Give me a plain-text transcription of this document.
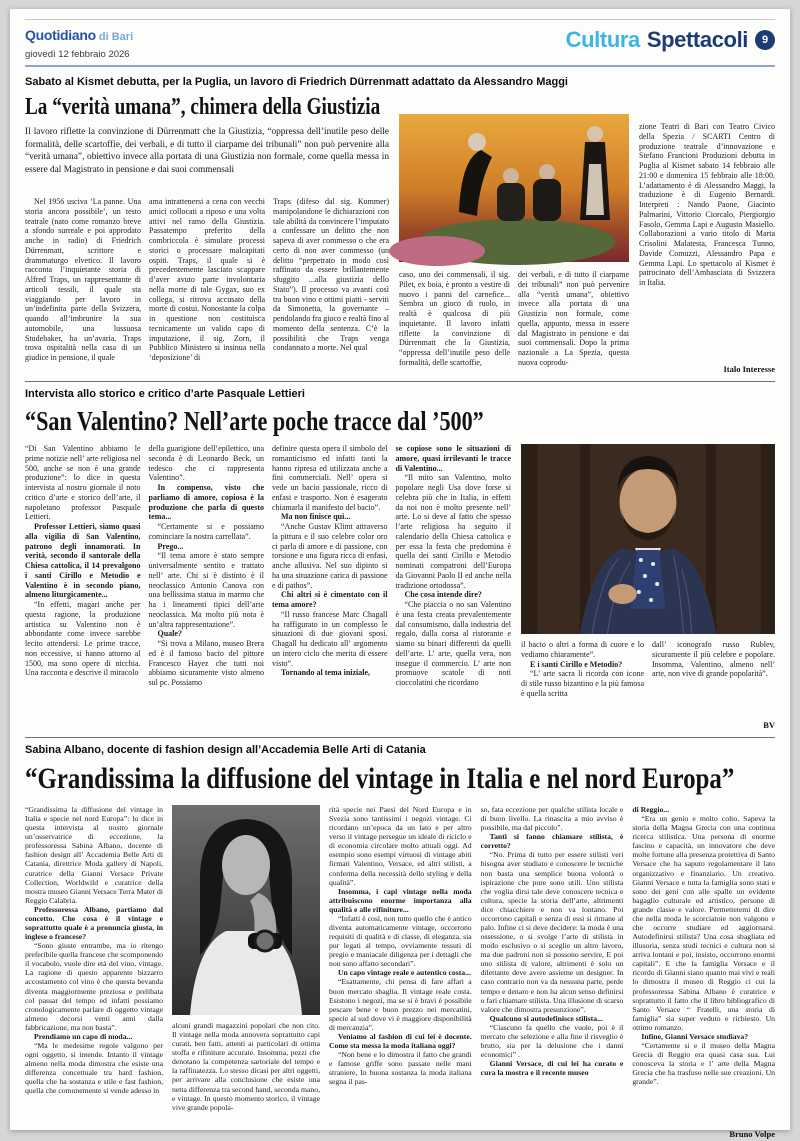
Quotidiano di Bari
giovedì 12 febbraio 2026
Cultura Spettacoli	9
Sabato al Kismet debutta, per la Puglia, un lavoro di Friedrich Dürrenmatt adattato da Alessandro Maggi
La “verità umana”, chimera della Giustizia

Il lavoro riflette la convinzione di Dürrenmatt che la Giustizia, “oppressa dell’inutile peso delle formalità, delle scartoffie, dei verbali, e di tutto il ciarpame dei tribunali” non può pervenire alla “verità umana”, obiettivo invece alla portata di una Giustizia non formale, come quella messa in essere dal Magistrato in pensione e dai suoi commensali

Nel 1956 usciva ‘La panne. Una storia ancora possibile’, un testo teatrale (nato come romanzo breve a sfondo surreale e poi approdato anche in radio) di Friedrich Dürrenmatt, scrittore e drammaturgo elvetico. Il lavoro racconta l’inquietante storia di Alfred Traps, un rappresentante di articoli tessili, il quale sta viaggiando per lavoro in un’indefinita parte della Svizzera, quando all’imbrunire la sua automobile, una lussuosa Studebaker, ha un’avaria. Traps trova ospitalità nella casa di un giudice in pensione, il quale

ama intrattenersi a cena con vecchi amici collocati a riposo e una volta attivi nel ramo della Giustizia. Passatempo preferito della combriccola è simulare processi storici o processare malcapitati ospiti. Traps, il quale si è precedentemente lasciato scappare d’aver avuto parte involontaria nella morte di tale Gygax, suo ex collega, si ritrova accusato della morte di costui. Nonostante la colpa in questione non costituisca tecnicamente un valido capo di imputazione, il sig. Zorn, il Pubblico Ministero si insinua nella ‘deposizione’ di

Traps (difeso dal sig. Kummer) manipolandone le dichiarazioni con tale abilità da convincere l’imputato a confessare un delitto che non sapeva di aver commesso o che era certo di non aver commesso (un delitto “perpetrato in modo così raffinato da essere brillantemente sfuggito ...alla giustizia dello Stato”). Il processo va avanti così tra buon vino e ottimi piatti - serviti da Simonetta, la governante – pendolando fra gioco e realtà fino al momento della sentenza. C’è la possibilità che Traps venga condannato a morte. Nel qual

caso, uno dei commensali, il sig. Pilet, ex boia, è pronto a vestire di nuovo i panni del carnefice... Sembra un gioco di ruolo, in realtà è qualcosa di più inquietante. Il lavoro infatti riflette la convinzione di Dürrenmatt che la Giustizia, “oppressa dell’inutile peso delle formalità, delle scartoffie,

dei verbali, e di tutto il ciarpame dei tribunali” non può pervenire alla “verità umana”, obiettivo invece alla portata di una Giustizia non formale, come quella, appunto, messa in essere dal Magistrato in pensione e dai suoi commensali. Dopo la prima nazionale a La Spezia, questa nuova coprodu-

zione Teatri di Bari con Teatro Civico della Spezia / SCARTI Centro di produzione teatrale d’innovazione e Stefano Francioni Produzioni debutta in Puglia al Kismet sabato 14 febbraio alle 21:00 e domenica 15 febbraio alle 18:00. L’adattamento è di Alessandro Maggi, la traduzione è di Eugenio Bernardi. Interpreti : Nando Paone, Giacinto Palmarini, Vittorio Ciorcalo, Piergiorgio Fasolo, Gemma Lapi e Augusto Masiello. Collaborazioni a vario titolo di Marta Crisolini Malatesta, Francesca Tunno, Davide Comuzzi, Alessandro Papa e Gemma Lapi. Lo spettacolo al Kismet è patrocinato dell’Ambasciata di Svizzera in Italia.

Italo Interesse
Intervista allo storico e critico d’arte Pasquale Lettieri
“San Valentino? Nell’arte poche tracce dal ’500”

“Di San Valentino abbiamo le prime notizie nell’ arte religiosa nel 500, anche se non è una grande produzione”: lo dice in questa intervista al nostro giornale il noto critico d’arte e storico dell’arte, il napoletano professor Pasquale Lettieri.

Professor Lettieri, siamo quasi alla vigilia di San Valentino, patrono degli innamorati. In verità, secondo il santorale della Chiesa cattolica, il 14 prevalgono i santi Cirillo e Metodio e Valentino è in secondo piano, almeno liturgicamente...

“In effetti, magari anche per questa ragione, la produzione artistica su Valentino non è abbondante come invece sarebbe lecito attendersi. Le prime tracce, non eccessive, si hanno attorno al 1500, ma sono opere di nicchia. Una racconta e descrive il miracolo

della guarigione dell’epilettico, una seconda è di Leonardo Beck, un tedesco che ci rappresenta Valentino”.

In compenso, visto che parliamo di amore, copiosa è la produzione che parla di questo tema...

“Certamente si e possiamo cominciare la nostra carrellata”.

Prego...

“Il tema amore è stato sempre universalmente sentito e trattato nell’ arte. Chi si è distinto è il neoclassico Antonio Canova con una bellissima statua in marmo che ha i lineamenti tipici dell’arte neoclassica. Ma molto più nota è un’altra rappresentazione”.

Quale?

“Si trova a Milano, museo Brera ed è il famoso bacio del pittore Francesco Hayez che tutti noi abbiamo sicuramente visto almeno sul pc. Possiamo

definire questa opera il simbolo del romanticismo ed infatti tanti la hanno ripresa ed utilizzata anche a fini commerciali. Nell’ opera si vede un bacio passionale, ricco di enfasi e trasporto. Non è esagerato chiamarla il manifesto del bacio”.

Ma non finisce qui...

“Anche Gustav Klimt attraverso la pittura e il suo celebre color oro ci parla di amore e di passione, con torsione e una figura ricca di enfasi, anche allusiva. Nel suo dipinto si ha una situazione carica di passione e di pathos”.

Chi altri si è cimentato con il tema amore?

“Il russo francese Marc Chagall ha raffigurato in un complesso le situazioni di due giovani sposi. Chagall ha dedicato all’ argomento un intero ciclo che merita di essere visto”.

Tornando al tema iniziale,

se copiose sono le situazioni di amore, quasi irrilevanti le tracce di Valentino...

“Il mito san Valentino, molto popolare negli Usa dove forse si celebra più che in Italia, in effetti da noi non è molto presente nell’ arte. Lo si deve al fatto che spesso l’arte religiosa ha seguito il calendario della Chiesa cattolica e per essa la festa che predomina è quella dei santi Cirillo e Metodio nominati compatroni dell’Europa da Giovanni Paolo II ed anche nella tradizione ortodossa”.

Che cosa intende dire?

“Che piaccia o no san Valentino è una festa creata prevalentemente dal consumismo, dalla industria del regalo, dalla corsa al ristorante e siamo su binari differenti da quelli dell’arte. L’ arte, quella vera, non insegue il commercio. L’ arte non promuove scatole di noti cioccolatini che ricordano

il bacio o altri a forma di cuore e lo vediamo chiaramente”.

E i santi Cirillo e Metodio?

“L’ arte sacra li ricorda con icone di stile russo bizantino e la più famosa è quella scritta

dall’ iconografo russo Rublev, sicuramente il più celebre e popolare. Insomma, Valentino, almeno nell’ arte, non vive di grande popolarità”.

BV
Sabina Albano, docente di fashion design all’Accademia Belle Arti di Catania
“Grandissima la diffusione del vintage in Italia e nel nord Europa”

“Grandissima la diffusione del vintage in Italia e specie nel nord Europa”: lo dice in questa intervista al nostro giornale un’osservatrice di eccezione, la professoressa Sabina Albano, docente di fashion design all’ Accademia Belle Arti di Catania, direttrice Moda gallery di Napoli, curatrice della Gianni Versace Private Collection, Worldwild e curatrice della mostra museo Gianni Versace Terra Mater di Reggio Calabria.

Professoressa Albano, partiamo dal concetto. Che cosa è il vintage e soprattutto quale è a pronuncia giusta, in inglese o francese?

“Sono giuste entrambe, ma io ritengo preferibile quella francese che scomponendo il vocabolo, vuole dire età del vino, vintage. La ragione di questo apparente bizzarro accostamento col vino è che questa bevanda diventa maggiormente preziosa e prelibata col passar del tempo ed infatti possiamo cronologicamente parlare di oggetto vintage almeno decorsi venti anni dalla fabbricazione, ma non basta”.

Prendiamo un capo di moda...

“Ma le medesime regole valgono per ogni oggetto, si intende. Intanto il vintage almeno nella moda dimostra che esiste una differenza concettuale tra hard fashion, quella che ha sostanza e stile e fast fashion, quella che comunemente si vende adesso in

alcuni grandi magazzini popolari che non cito. Il vintage nella moda annovera soprattutto capi curati, ben fatti, attenti ai particolari di ottima stoffa e rifiniture accurate. Insomma, pezzi che denotano la competenza sartoriale del tempo e la raffinatezza. Lo stesso dicasi per altri oggetti, per arrivare alla conclusione che esiste una netta differenza tra second hand, seconda mano, e vintage. In questo momento storico, il vintage vive grande popola-

rità specie nei Paesi del Nord Europa e in Svezia sono tantissimi i negozi vintage. Ci ricordano un’epoca da un lato e per altro verso il vintage persegue un ideale di riciclo e di economia circolare molto attuali oggi. Ad esempio sono esempi virtuosi di vintage abiti firmati Valentino, Versace, ed altri stilisti, a conferma della necessità dello styling e della qualità”.

Insomma, i capi vintage nella moda attribuiscono enorme importanza alla qualità e alle rifiniture...

“Infatti è così, non tutto quello che è antico diventa automaticamente vintage, occorrono requisiti di qualità e di classe, di eleganza, sia pur legati al tempo, ovviamente tessuti di pregio e maniacale diligenza per i dettagli che non sono affatto secondari”.

Un capo vintage reale e autentico costa...

“Esattamente, chi pensa di fare affari a buon mercato sbaglia. Il vintage reale costa. Esistono i negozi, ma se si è bravi è possibile pescare bene e buon prezzo nei mercatini, specie al sud dove vi è maggiore disponibilità di mercanzia”.

Veniamo al fashion di cui lei è docente. Come sta messa la moda italiana oggi?

“Non bene e lo dimostra il fatto che grandi e famose griffe sono passate nelle mani straniere, In buona sostanza la moda italiana segna il pas-

so, fata eccezione per qualche stilista locale e di buon livello. La rinascita a mio avviso è possibile, ma dal piccolo”.

Tanti si fanno chiamare stilista, è corretto?

“No. Prima di tutto per essere stilisti veri bisogna aver studiato e conoscere le tecniche non basta una semplice buona volontà o ispirazione che pure sono utili. Uno stilista che voglia dirsi tale deve conoscere tecnica e cultura, specie la storia dell’arte, altrimenti dice chiacchiere e non va lontano. Poi occorrono capitali e senza di essi si rimane al palo. Infine ci si deve decidere: la moda è una ossessione, o si svolge l’arte di stilista in modo esclusivo o si sceglie un altro lavoro, ma due padroni non si possono servire, E poi uno stilista di valore, altrimenti è solo un dilettante deve avere assieme un designer. In caso contrario non va da nessuna parte, perde tempo e denaro e non ha alcun senso definirsi o fari chiamare stilista. Una illusione di scarso valore che dimostra presunzione”.

Qualcuno si autodefinisce stilista...

“Ciascuno fa quello che vuole, poi è il mercato che selezione e alla fine il risveglio è brutto, sia per la delusione che i danni economici” .

Gianni Versace, di cui lei ha curato e cura la mostra e il recente museo

di Reggio...

“Era un genio e molto colto. Sapeva la storia della Magna Grecia con una continua ricerca stilistica. Una persona di enorme fascino e capacità, un innovatore che deve molte fortune alla presenza protettiva di Santo Versace che ha saputo regolamentare il lato organizzativo e finanziario. Un creativo. Gianni Versace e tutta la famiglia sono stati e sono dei geni con alle spalle un evidente bagaglio culturale ed artistico, persone di grande classe e valore. Permettetemi di dire che nella moda le scorciatoie non valgono e che occorre studiare ed aggiornarsi. Autodefinirsi stilista? Una cosa sbagliata ed illusoria, senza studi tecnici e cultura non si arriva lontani e poi, insisto, occorrono enormi capitali”. E che la famiglia Versace e il ricordo di Gianni siano quanto mai vivi e reali lo dimostra il museo di Reggio ci cui la professoressa Sabina Albano è curatrice e soprattutto il fatto che il libro bibliografico di Santo Versace “ Fratelli, una storia di famiglia” sia super veduto e richiesto. Un ottimo romanzo.

Infine, Gianni Versace studiava?

“Certamente si e il museo della Magna Grecia di Reggio era quasi casa sua. Lui conosceva la storia e l’ arte della Magna Grecia che ha trasfuso nelle sue creazioni. Un grande”.

Bruno Volpe
